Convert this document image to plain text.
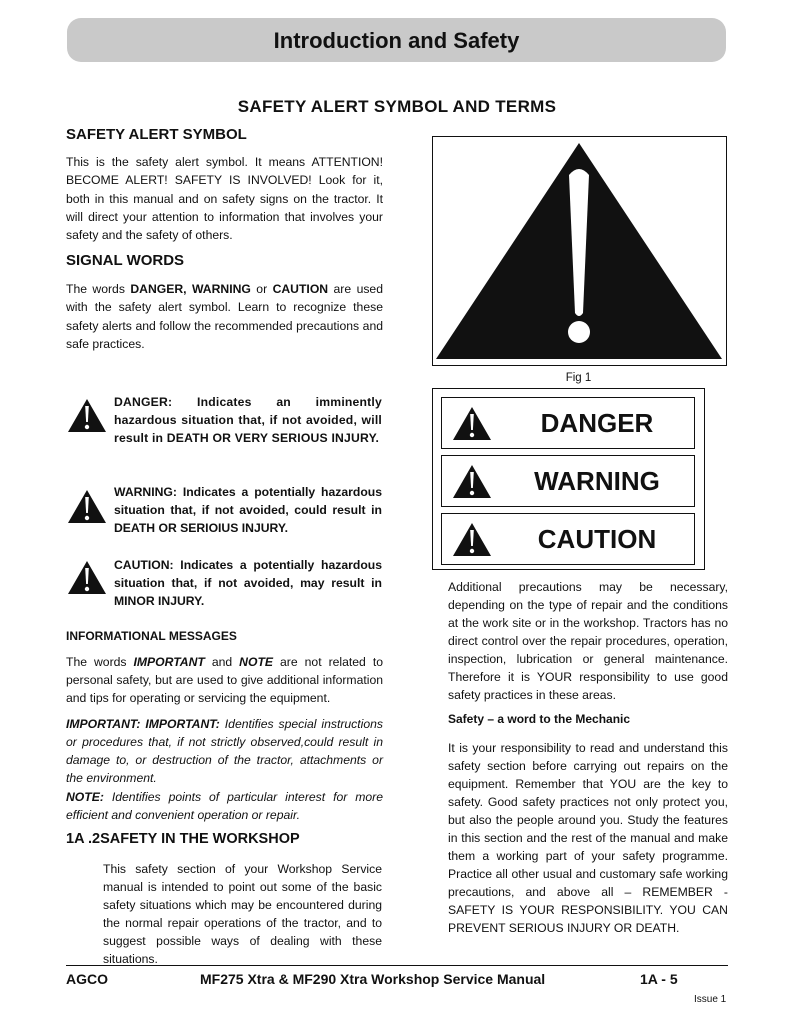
Introduction and Safety
SAFETY ALERT SYMBOL AND TERMS
SAFETY ALERT SYMBOL
This is the safety alert symbol. It means ATTENTION! BECOME ALERT! SAFETY IS INVOLVED! Look for it, both in this manual and on safety signs on the tractor. It will direct your attention to information that involves your safety and the safety of others.
SIGNAL WORDS
The words DANGER, WARNING or CAUTION are used with the safety alert symbol. Learn to recognize these safety alerts and follow the recommended precautions and safe practices.
DANGER: Indicates an imminently hazardous situation that, if not avoided, will result in DEATH OR VERY SERIOUS INJURY.
WARNING: Indicates a potentially hazardous situation that, if not avoided, could result in DEATH OR SERIOIUS INJURY.
CAUTION: Indicates a potentially hazardous situation that, if not avoided, may result in MINOR INJURY.
INFORMATIONAL MESSAGES
The words IMPORTANT and NOTE are not related to personal safety, but are used to give additional information and tips for operating or servicing the equipment.
IMPORTANT: IMPORTANT: Identifies special instructions or procedures that, if not strictly observed,could result in damage to, or destruction of the tractor, attachments or the environment.
NOTE: Identifies points of particular interest for more efficient and convenient operation or repair.
1A .2SAFETY IN THE WORKSHOP
This safety section of your Workshop Service manual is intended to point out some of the basic safety situations which may be encountered during the normal repair operations of the tractor, and to suggest possible ways of dealing with these situations.
Fig 1
DANGER
WARNING
CAUTION
Additional precautions may be necessary, depending on the type of repair and the conditions at the work site or in the workshop. Tractors has no direct control over the repair procedures, operation, inspection, lubrication or general maintenance. Therefore it is YOUR responsibility to use good safety practices in these areas.
Safety – a word to the Mechanic
It is your responsibility to read and understand this safety section before carrying out repairs on the equipment. Remember that YOU are the key to safety. Good safety practices not only protect you, but also the people around you. Study the features in this section and the rest of the manual and make them a working part of your safety programme. Practice all other usual and customary safe working precautions, and above all – REMEMBER - SAFETY IS YOUR RESPONSIBILITY. YOU CAN PREVENT SERIOUS INJURY OR DEATH.
AGCO	MF275 Xtra & MF290 Xtra Workshop Service Manual	1A - 5
Issue 1
